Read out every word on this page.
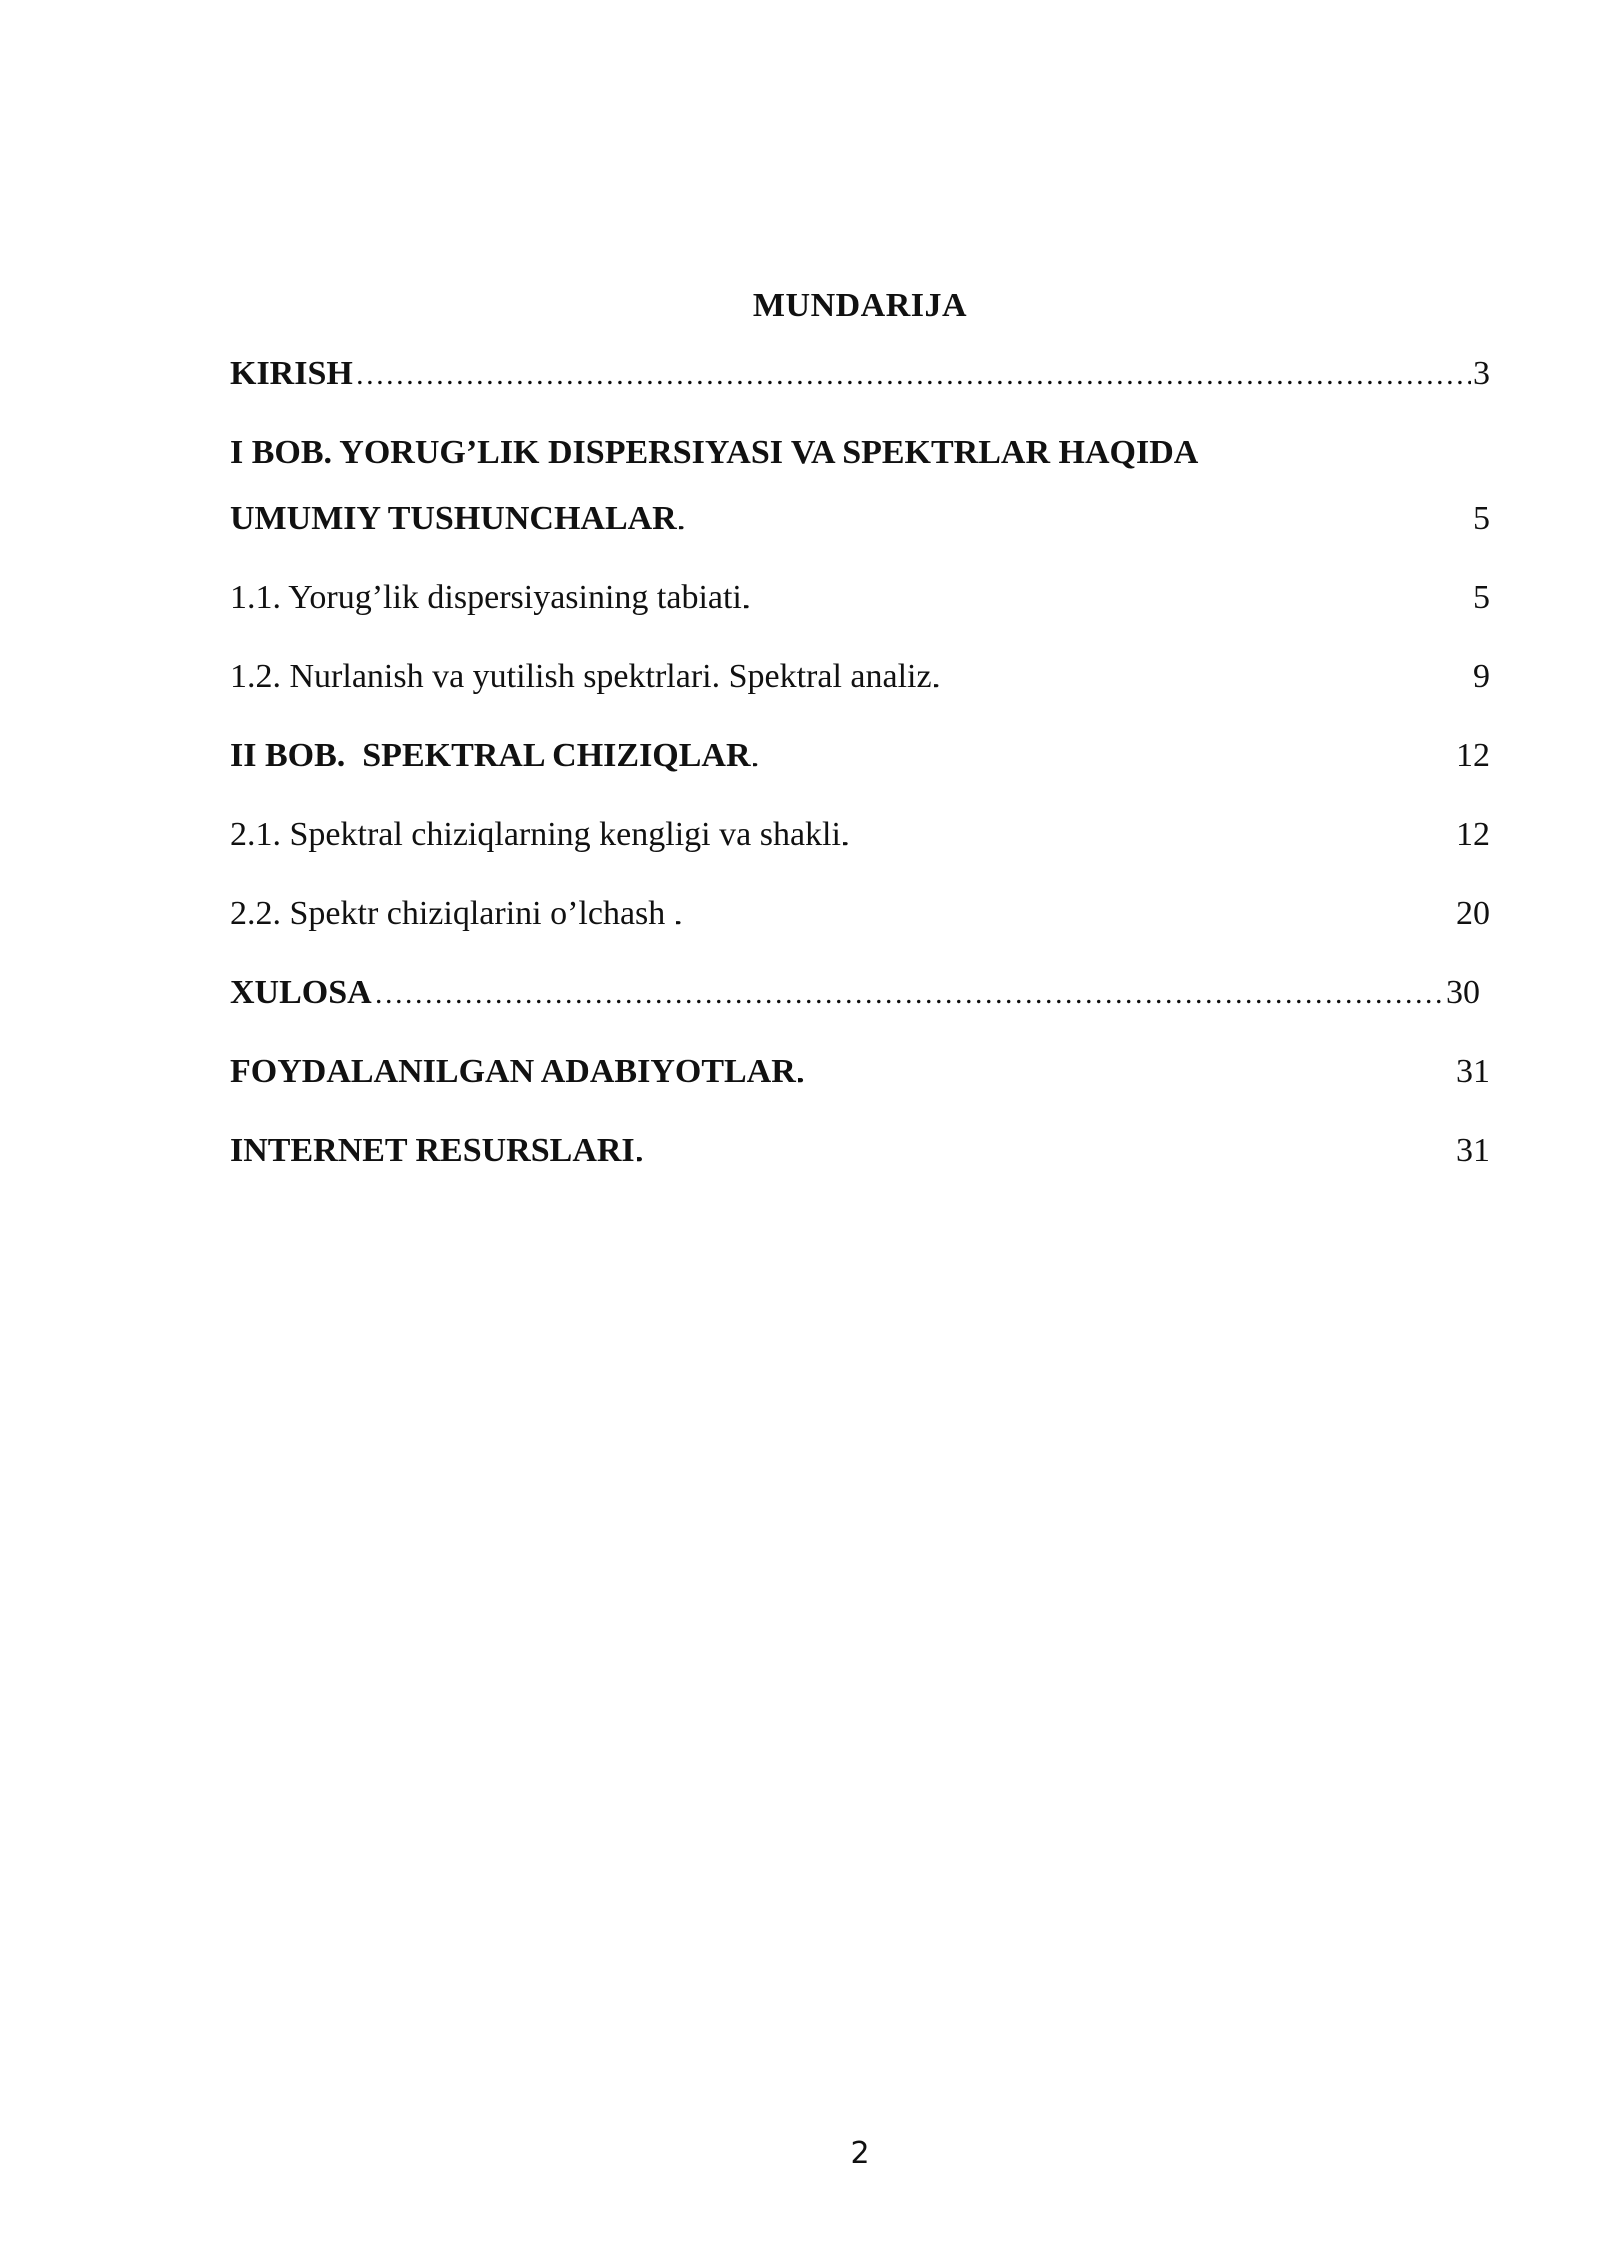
MUNDARIJA
KIRISH ………………………………………………………………………………………………………………………………………………………………………………	3
I BOB. YORUG’LIK DISPERSIYASI VA SPEKTRLAR HAQIDA
UMUMIY TUSHUNCHALAR . . .	5
1.1. Yorug’lik dispersiyasining tabiati . . .	5
1.2. Nurlanish va yutilish spektrlari. Spektral analiz . . .	9
II BOB.  SPEKTRAL CHIZIQLAR . . .	12
2.1. Spektral chiziqlarning kengligi va shakli . . .	12
2.2. Spektr chiziqlarini o’lchash . . .	20
XULOSA ………………………………………………………………………………………………………………………………………………………………………………	30
FOYDALANILGAN ADABIYOTLAR . . .	31
INTERNET RESURSLARI . . .	31
2
